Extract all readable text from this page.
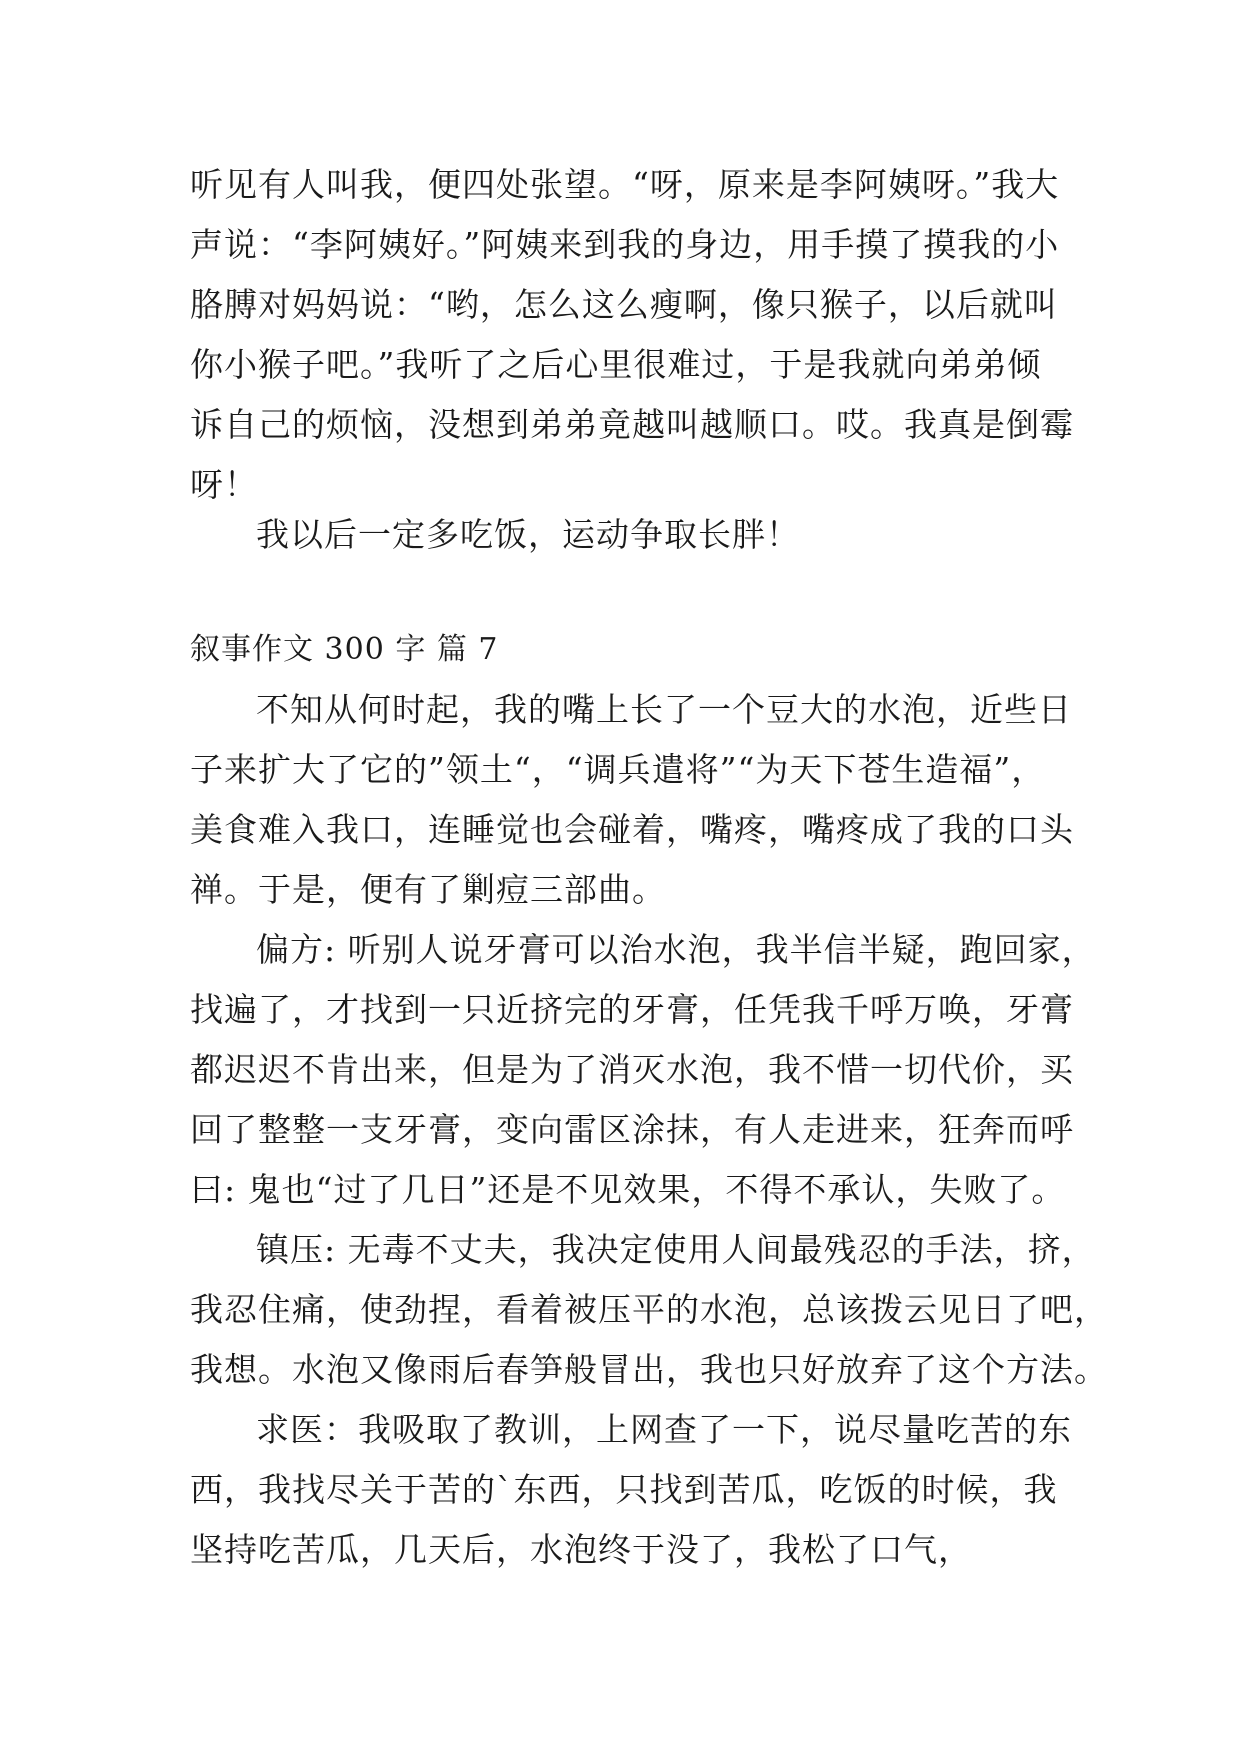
听见有人叫我，便四处张望。“呀，原来是李阿姨呀。”我大
声说：“李阿姨好。”阿姨来到我的身边，用手摸了摸我的小
胳膊对妈妈说：“哟，怎么这么瘦啊，像只猴子，以后就叫
你小猴子吧。”我听了之后心里很难过，于是我就向弟弟倾
诉自己的烦恼，没想到弟弟竟越叫越顺口。哎。我真是倒霉
呀！
我以后一定多吃饭，运动争取长胖！
叙事作文 300 字 篇 7
不知从何时起，我的嘴上长了一个豆大的水泡，近些日
子来扩大了它的”领土“，“调兵遣将”“为天下苍生造福”，
美食难入我口，连睡觉也会碰着，嘴疼，嘴疼成了我的口头
禅。于是，便有了剿痘三部曲。
偏方: 听别人说牙膏可以治水泡，我半信半疑，跑回家，
找遍了，才找到一只近挤完的牙膏，任凭我千呼万唤，牙膏
都迟迟不肯出来，但是为了消灭水泡，我不惜一切代价，买
回了整整一支牙膏，变向雷区涂抹，有人走进来，狂奔而呼
曰: 鬼也“过了几日”还是不见效果，不得不承认，失败了。
镇压: 无毒不丈夫，我决定使用人间最残忍的手法，挤，
我忍住痛，使劲捏，看着被压平的水泡，总该拨云见日了吧，
我想。水泡又像雨后春笋般冒出，我也只好放弃了这个方法。
求医：我吸取了教训，上网查了一下，说尽量吃苦的东
西，我找尽关于苦的`东西，只找到苦瓜，吃饭的时候，我
坚持吃苦瓜，几天后，水泡终于没了，我松了口气，
